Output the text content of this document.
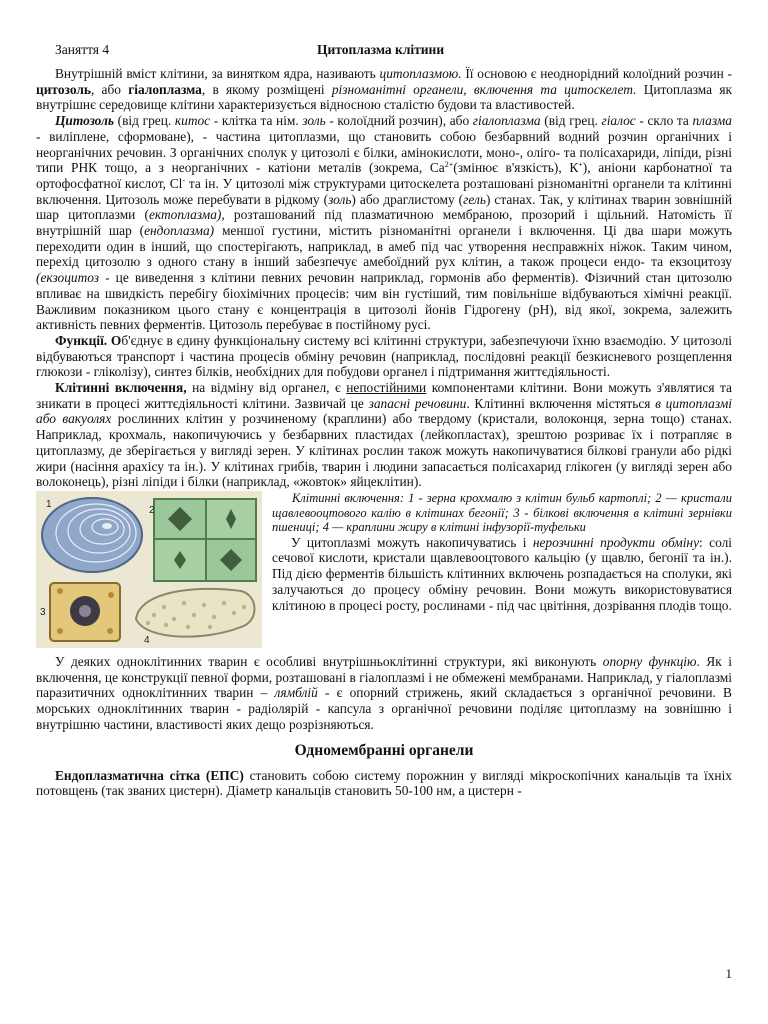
Заняття 4	Цитоплазма клітини

Внутрішній вміст клітини, за винятком ядра, називають цитоплазмою. Її основою є неоднорідний колоїдний розчин - цитозоль, або гіалоплазма, в якому розміщені різноманітні органели, включення та цитоскелет. Цитоплазма як внутрішнє середовище клітини характеризується відносною сталістю будови та властивостей.

Цитозоль (від грец. китос - клітка та нім. золь - колоїдний розчин), або гіалоплазма (від грец. гіалос - скло та плазма - виліплене, сформоване), - частина цитоплазми, що становить собою безбарвний водний розчин органічних і неорганічних речовин. З органічних сполук у цитозолі є білки, амінокислоти, моно-, оліго- та полісахариди, ліпіди, різні типи РНК тощо, а з неорганічних - катіони металів (зокрема, $Са^{2+}(змінює$ в'язкість), К+), аніони карбонатної та ортофосфатної кислот, Сl- та ін. У цитозолі між структурами цитоскелета розташовані різноманітні органели та клітинні включення. Цитозоль може перебувати в рідкому (золь) або драглистому (гель) станах. Так, у клітинах тварин зовнішній шар цитоплазми (ектоплазма), розташований під плазматичною мембраною, прозорий і щільний. Натомість її внутрішній шар (ендоплазма) меншої густини, містить різноманітні органели і включення. Ці два шари можуть переходити один в інший, що спостерігають, наприклад, в амеб під час утворення несправжніх ніжок. Таким чином, перехід цитозолю з одного стану в інший забезпечує амебоїдний рух клітин, а також процеси ендо- та екзоцитозу (екзоцитоз - це виведення з клітини певних речовин наприклад, гормонів або ферментів). Фізичний стан цитозолю впливає на швидкість перебігу біохімічних процесів: чим він густіший, тим повільніше відбуваються хімічні реакції. Важливим показником цього стану є концентрація в цитозолі йонів Гідрогену (рН), від якої, зокрема, залежить активність певних ферментів. Цитозоль перебуває в постійному русі.

Функції. Об'єднує в єдину функціональну систему всі клітинні структури, забезпечуючи їхню взаємодію. У цитозолі відбуваються транспорт і частина процесів обміну речовин (наприклад, послідовні реакції безкисневого розщеплення глюкози - гліколізу), синтез білків, необхідних для побудови органел і підтримання життєдіяльності.

Клітинні включення, на відміну від органел, є непостійними компонентами клітини. Вони можуть з'являтися та зникати в процесі життєдіяльності клітини. Зазвичай це запасні речовини. Клітинні включення містяться в цитоплазмі або вакуолях рослинних клітин у розчиненому (краплини) або твердому (кристали, волоконця, зерна тощо) станах. Наприклад, крохмаль, накопичуючись у безбарвних пластидах (лейкопластах), зрештою розриває їх і потрапляє в цитоплазму, де зберігається у вигляді зерен. У клітинах рослин також можуть накопичуватися білкові гранули або рідкі жири (насіння арахісу та ін.). У клітинах грибів, тварин і людини запасається полісахарид глікоген (у вигляді зерен або волоконець), різні ліпіди і білки (наприклад, «жовток» яйцеклітин).

1
2
3
4

Клітинні включення: 1 - зерна крохмалю з клітин бульб картоплі; 2 — кристали щавлевооцтового калію в клітинах бегонії; 3 - білкові включення в клітині зернівки пшениці; 4 — краплини жиру в клітині інфузорії-туфельки

У цитоплазмі можуть накопичуватись і нерозчинні продукти обміну: солі сечової кислоти, кристали щавлевооцтового кальцію (у щавлю, бегонії та ін.). Під дією ферментів більшість клітинних включень розпадається на сполуки, які залучаються до процесу обміну речовин. Вони можуть використовуватися клітиною в процесі росту, рослинами - під час цвітіння, дозрівання плодів тощо.

У деяких одноклітинних тварин є особливі внутрішньоклітинні структури, які виконують опорну функцію. Як і включення, це конструкції певної форми, розташовані в гіалоплазмі і не обмежені мембранами. Наприклад, у гіалоплазмі паразитичних одноклітинних тварин – лямблій - є опорний стрижень, який складається з органічної речовини. В морських одноклітинних тварин - радіолярій - капсула з органічної речовини поділяє цитоплазму на зовнішню і внутрішню частини, властивості яких дещо розрізняються.

Одномембранні органели

Ендоплазматична сітка (ЕПС) становить собою систему порожнин у вигляді мікроскопічних канальців та їхніх потовщень (так званих цистерн). Діаметр канальців становить 50-100 нм, а цистерн -

1
